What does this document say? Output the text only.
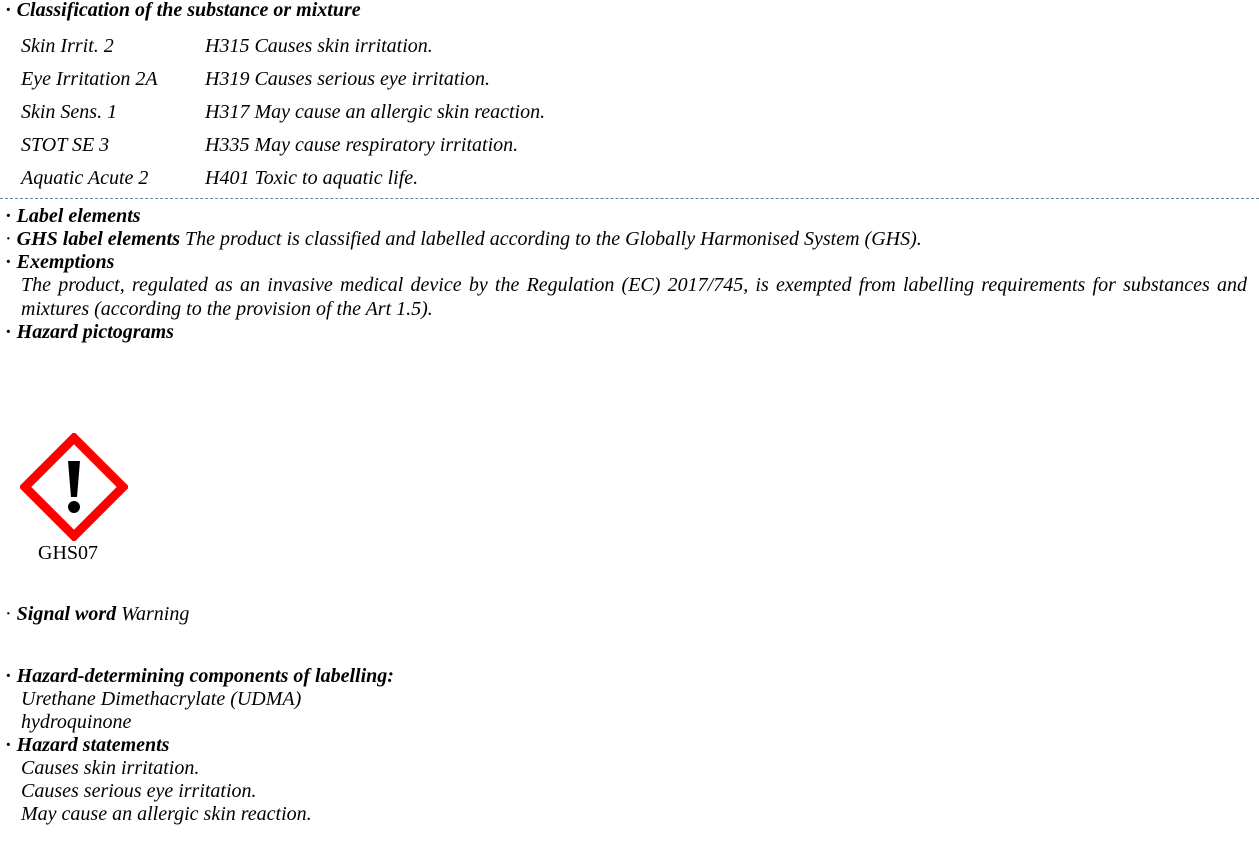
· Classification of the substance or mixture
Skin Irrit. 2	H315 Causes skin irritation.
Eye Irritation 2A H319 Causes serious eye irritation.
Skin Sens. 1	H317 May cause an allergic skin reaction.
STOT SE 3	H335 May cause respiratory irritation.
Aquatic Acute 2	H401 Toxic to aquatic life.
· Label elements
· GHS label elements The product is classified and labelled according to the Globally Harmonised System (GHS).
· Exemptions
The product, regulated as an invasive medical device by the Regulation (EC) 2017/745, is exempted from labelling requirements for substances and mixtures (according to the provision of the Art 1.5).
· Hazard pictograms
GHS07
· Signal word Warning
· Hazard-determining components of labelling:
Urethane Dimethacrylate (UDMA)
hydroquinone
· Hazard statements
Causes skin irritation.
Causes serious eye irritation.
May cause an allergic skin reaction.
